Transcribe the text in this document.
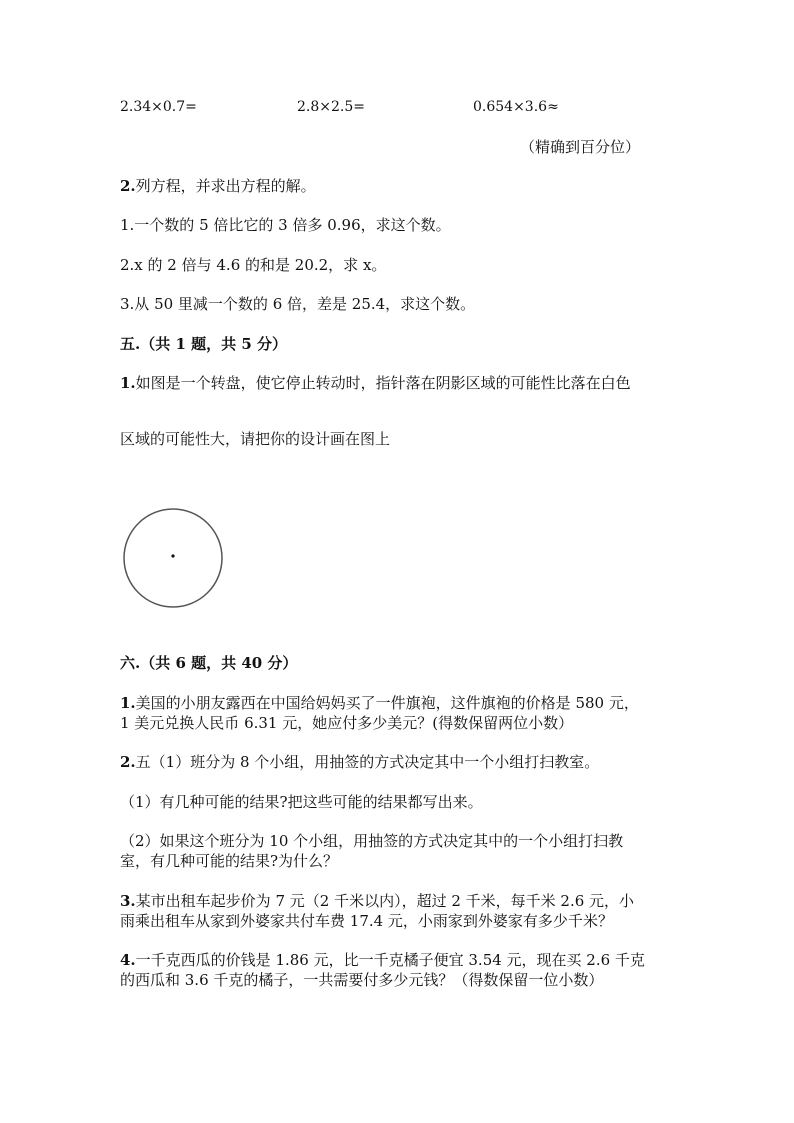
2.34×0.7=	2.8×2.5=	0.654×3.6≈
（精确到百分位）
2.列方程，并求出方程的解。
1.一个数的 5 倍比它的 3 倍多 0.96，求这个数。
2.x 的 2 倍与 4.6 的和是 20.2，求 x。
3.从 50 里减一个数的 6 倍，差是 25.4，求这个数。
五.（共 1 题，共 5 分）
1.如图是一个转盘，使它停止转动时，指针落在阴影区域的可能性比落在白色
区域的可能性大，请把你的设计画在图上
六.（共 6 题，共 40 分）
1.美国的小朋友露西在中国给妈妈买了一件旗袍，这件旗袍的价格是 580 元，
1 美元兑换人民币 6.31 元，她应付多少美元？(得数保留两位小数）
2.五（1）班分为 8 个小组，用抽签的方式决定其中一个小组打扫教室。
（1）有几种可能的结果?把这些可能的结果都写出来。
（2）如果这个班分为 10 个小组，用抽签的方式决定其中的一个小组打扫教
室，有几种可能的结果?为什么？
3.某市出租车起步价为 7 元（2 千米以内），超过 2 千米，每千米 2.6 元，小
雨乘出租车从家到外婆家共付车费 17.4 元，小雨家到外婆家有多少千米？
4.一千克西瓜的价钱是 1.86 元，比一千克橘子便宜 3.54 元，现在买 2.6 千克
的西瓜和 3.6 千克的橘子，一共需要付多少元钱？（得数保留一位小数）
